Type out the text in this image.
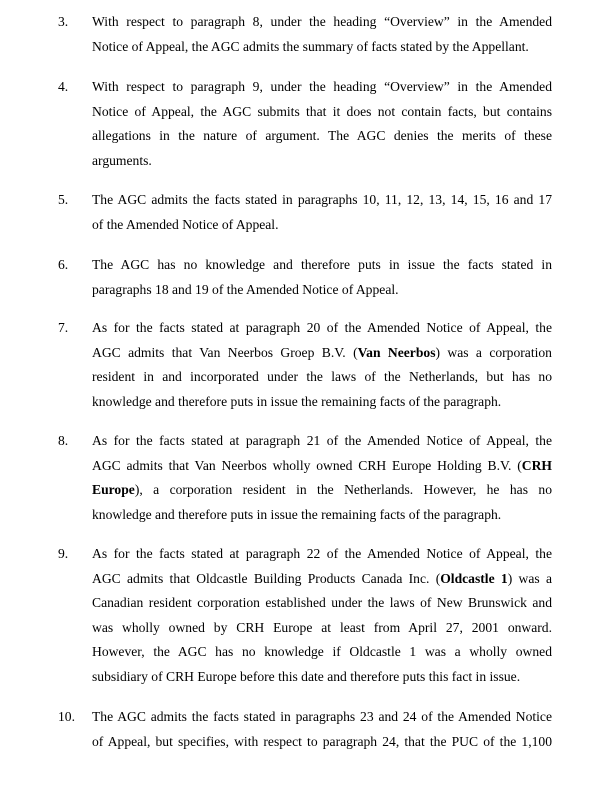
3.	With respect to paragraph 8, under the heading “Overview” in the Amended
Notice of Appeal, the AGC admits the summary of facts stated by the Appellant.
4.	With respect to paragraph 9, under the heading “Overview” in the Amended
Notice of Appeal, the AGC submits that it does not contain facts, but contains
allegations in the nature of argument. The AGC denies the merits of these
arguments.
5.	The AGC admits the facts stated in paragraphs 10, 11, 12, 13, 14, 15, 16 and 17
of the Amended Notice of Appeal.
6.	The AGC has no knowledge and therefore puts in issue the facts stated in
paragraphs 18 and 19 of the Amended Notice of Appeal.
7.	As for the facts stated at paragraph 20 of the Amended Notice of Appeal, the
AGC admits that Van Neerbos Groep B.V. (Van Neerbos) was a corporation
resident in and incorporated under the laws of the Netherlands, but has no
knowledge and therefore puts in issue the remaining facts of the paragraph.
8.	As for the facts stated at paragraph 21 of the Amended Notice of Appeal, the
AGC admits that Van Neerbos wholly owned CRH Europe Holding B.V. (CRH
Europe), a corporation resident in the Netherlands. However, he has no
knowledge and therefore puts in issue the remaining facts of the paragraph.
9.	As for the facts stated at paragraph 22 of the Amended Notice of Appeal, the
AGC admits that Oldcastle Building Products Canada Inc. (Oldcastle 1) was a
Canadian resident corporation established under the laws of New Brunswick and
was wholly owned by CRH Europe at least from April 27, 2001 onward.
However, the AGC has no knowledge if Oldcastle 1 was a wholly owned
subsidiary of CRH Europe before this date and therefore puts this fact in issue.
10.	The AGC admits the facts stated in paragraphs 23 and 24 of the Amended Notice
of Appeal, but specifies, with respect to paragraph 24, that the PUC of the 1,100
